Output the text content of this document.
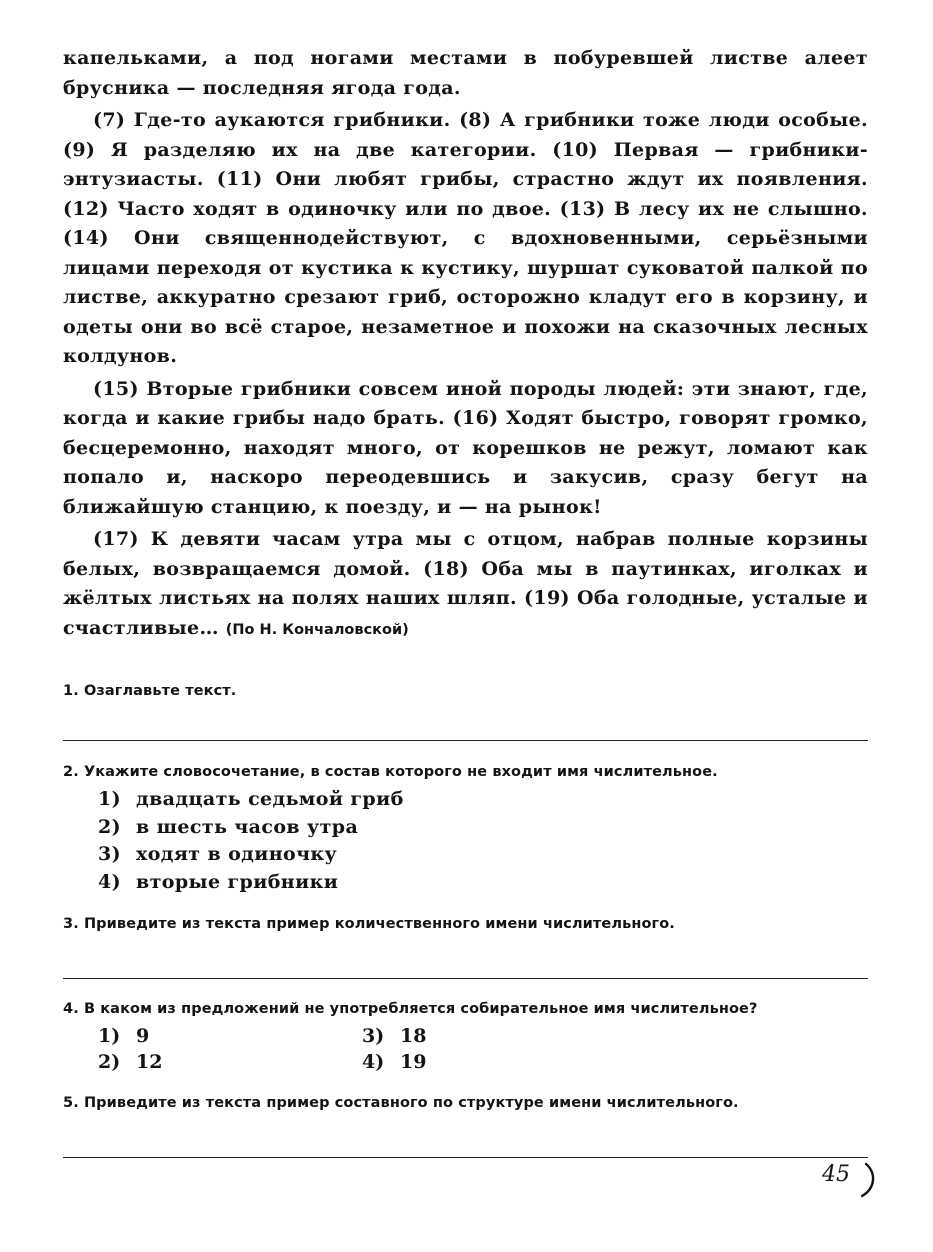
капельками, а под ногами местами в побуревшей листве алеет брусника — последняя ягода года.

(7) Где-то аукаются грибники. (8) А грибники тоже люди особые. (9) Я разделяю их на две категории. (10) Первая — грибники-энтузиасты. (11) Они любят грибы, страстно ждут их появления. (12) Часто ходят в одиночку или по двое. (13) В лесу их не слышно. (14) Они священнодействуют, с вдохновенными, серьёзными лицами переходя от кустика к кустику, шуршат суковатой палкой по листве, аккуратно срезают гриб, осторожно кладут его в корзину, и одеты они во всё старое, незаметное и похожи на сказочных лесных колдунов.

(15) Вторые грибники совсем иной породы людей: эти знают, где, когда и какие грибы надо брать. (16) Ходят быстро, говорят громко, бесцеремонно, находят много, от корешков не режут, ломают как попало и, наскоро переодевшись и закусив, сразу бегут на ближайшую станцию, к поезду, и — на рынок!

(17) К девяти часам утра мы с отцом, набрав полные корзины белых, возвращаемся домой. (18) Оба мы в паутинках, иголках и жёлтых листьях на полях наших шляп. (19) Оба голодные, усталые и счастливые… (По Н. Кончаловской)

1. Озаглавьте текст.

2. Укажите словосочетание, в состав которого не входит имя числительное.

1) двадцать седьмой гриб
2) в шесть часов утра
3) ходят в одиночку
4) вторые грибники

3. Приведите из текста пример количественного имени числительного.

4. В каком из предложений не употребляется собирательное имя числительное?

1) 9	3) 18
2) 12	4) 19

5. Приведите из текста пример составного по структуре имени числительного.

45
